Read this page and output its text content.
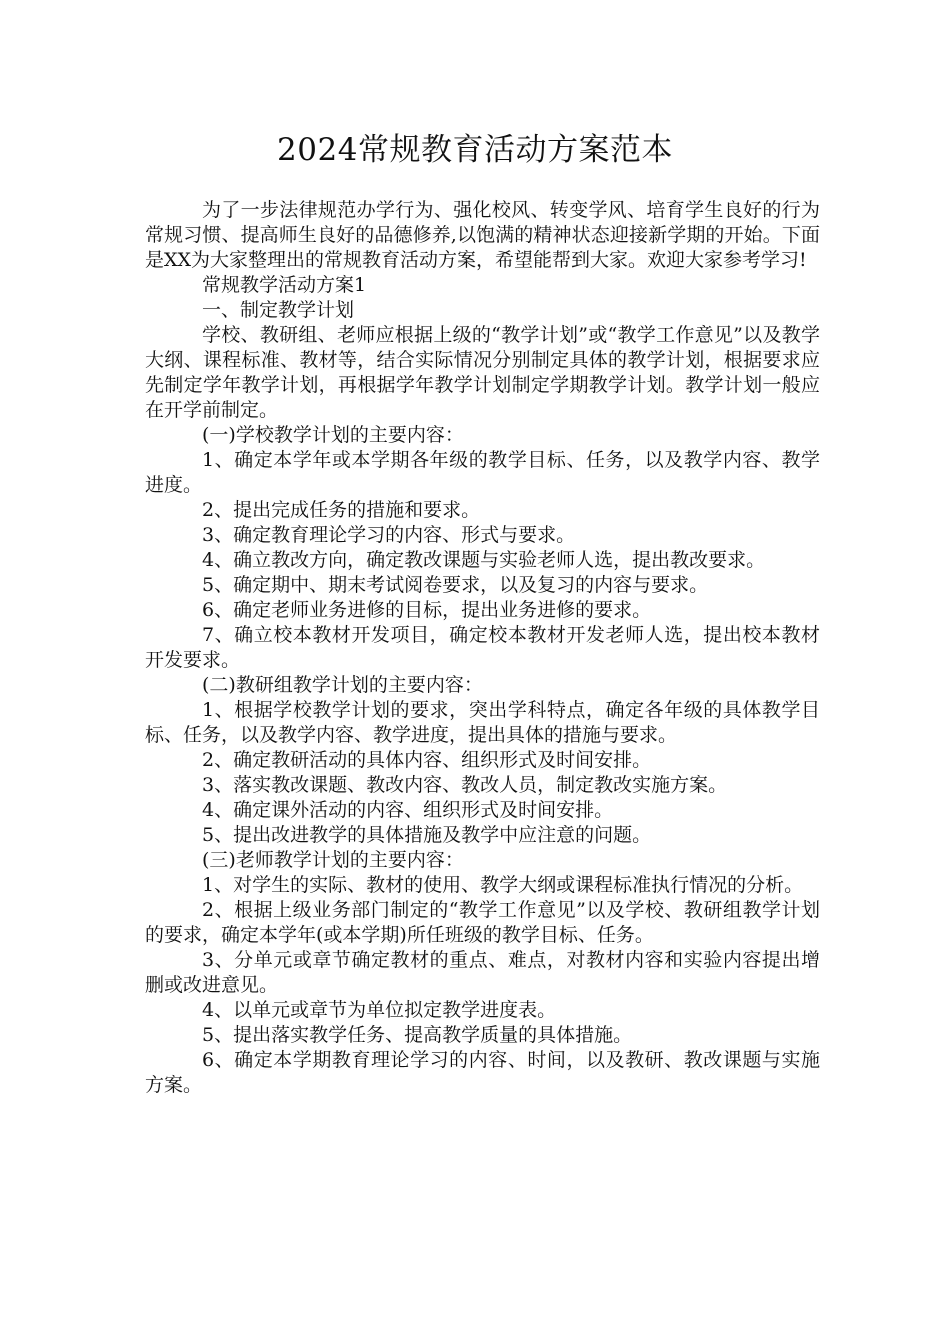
2024常规教育活动方案范本

为了一步法律规范办学行为、强化校风、转变学风、培育学生良好的行为常规习惯、提高师生良好的品德修养,以饱满的精神状态迎接新学期的开始。下面是XX为大家整理出的常规教育活动方案，希望能帮到大家。欢迎大家参考学习!

常规教学活动方案1

一、制定教学计划

学校、教研组、老师应根据上级的“教学计划”或“教学工作意见”以及教学大纲、课程标准、教材等，结合实际情况分别制定具体的教学计划，根据要求应先制定学年教学计划，再根据学年教学计划制定学期教学计划。教学计划一般应在开学前制定。

(一)学校教学计划的主要内容：

1、确定本学年或本学期各年级的教学目标、任务，以及教学内容、教学进度。

2、提出完成任务的措施和要求。

3、确定教育理论学习的内容、形式与要求。

4、确立教改方向，确定教改课题与实验老师人选，提出教改要求。

5、确定期中、期末考试阅卷要求，以及复习的内容与要求。

6、确定老师业务进修的目标，提出业务进修的要求。

7、确立校本教材开发项目，确定校本教材开发老师人选，提出校本教材开发要求。

(二)教研组教学计划的主要内容：

1、根据学校教学计划的要求，突出学科特点，确定各年级的具体教学目标、任务，以及教学内容、教学进度，提出具体的措施与要求。

2、确定教研活动的具体内容、组织形式及时间安排。

3、落实教改课题、教改内容、教改人员，制定教改实施方案。

4、确定课外活动的内容、组织形式及时间安排。

5、提出改进教学的具体措施及教学中应注意的问题。

(三)老师教学计划的主要内容：

1、对学生的实际、教材的使用、教学大纲或课程标准执行情况的分析。

2、根据上级业务部门制定的“教学工作意见”以及学校、教研组教学计划的要求，确定本学年(或本学期)所任班级的教学目标、任务。

3、分单元或章节确定教材的重点、难点，对教材内容和实验内容提出增删或改进意见。

4、以单元或章节为单位拟定教学进度表。

5、提出落实教学任务、提高教学质量的具体措施。

6、确定本学期教育理论学习的内容、时间，以及教研、教改课题与实施方案。
